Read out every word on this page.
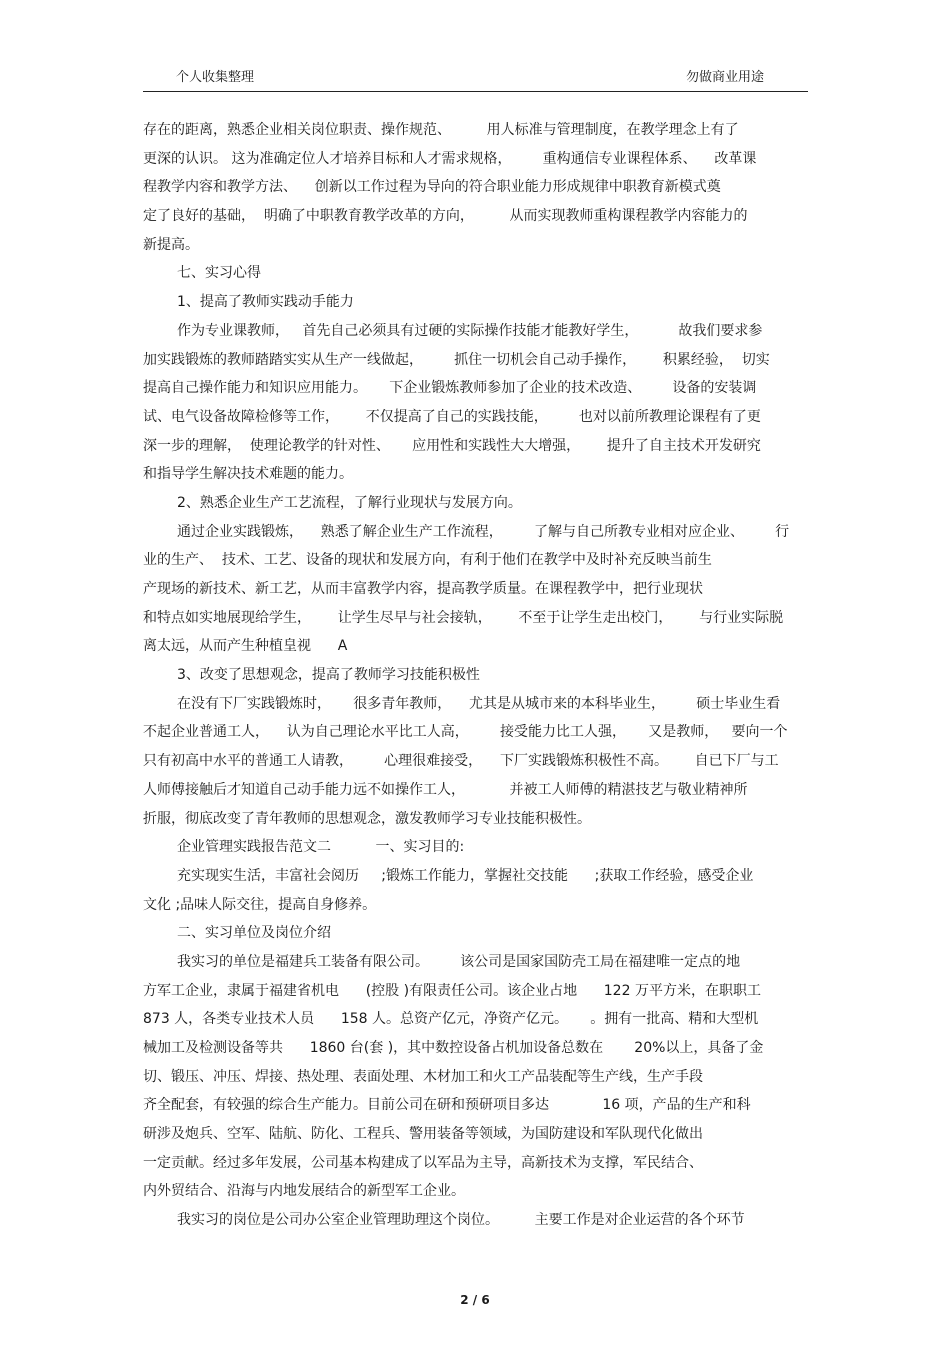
个人收集整理	勿做商业用途
存在的距离，熟悉企业相关岗位职责、操作规范、        用人标准与管理制度，在教学理念上有了
更深的认识。 这为准确定位人才培养目标和人才需求规格，       重构通信专业课程体系、    改革课
程教学内容和教学方法、    创新以工作过程为导向的符合职业能力形成规律中职教育新模式奠
定了良好的基础，  明确了中职教育教学改革的方向，        从而实现教师重构课程教学内容能力的
新提高。
七、实习心得
1、提高了教师实践动手能力
作为专业课教师，   首先自己必须具有过硬的实际操作技能才能教好学生，         故我们要求参
加实践锻炼的教师踏踏实实从生产一线做起，       抓住一切机会自己动手操作，      积累经验，  切实
提高自己操作能力和知识应用能力。     下企业锻炼教师参加了企业的技术改造、       设备的安装调
试、电气设备故障检修等工作，      不仅提高了自己的实践技能，       也对以前所教理论课程有了更
深一步的理解，  使理论教学的针对性、     应用性和实践性大大增强，      提升了自主技术开发研究
和指导学生解决技术难题的能力。
2、熟悉企业生产工艺流程，了解行业现状与发展方向。
通过企业实践锻炼，    熟悉了解企业生产工作流程，       了解与自己所教专业相对应企业、       行
业的生产、  技术、工艺、设备的现状和发展方向，有利于他们在教学中及时补充反映当前生
产现场的新技术、新工艺，从而丰富教学内容，提高教学质量。在课程教学中，把行业现状
和特点如实地展现给学生，      让学生尽早与社会接轨，      不至于让学生走出校门，      与行业实际脱
离太远，从而产生种植皇视      A
3、改变了思想观念，提高了教师学习技能积极性
在没有下厂实践锻炼时，     很多青年教师，    尤其是从城市来的本科毕业生，       硕士毕业生看
不起企业普通工人，    认为自己理论水平比工人高，       接受能力比工人强，     又是教师，   要向一个
只有初高中水平的普通工人请教，       心理很难接受，    下厂实践锻炼积极性不高。      自已下厂与工
人师傅接触后才知道自己动手能力远不如操作工人，          并被工人师傅的精湛技艺与敬业精神所
折服，彻底改变了青年教师的思想观念，激发教师学习专业技能积极性。
企业管理实践报告范文二          一、实习目的:
充实现实生活，丰富社会阅历     ;锻炼工作能力，掌握社交技能      ;获取工作经验，感受企业
文化 ;品味人际交往，提高自身修养。
二、实习单位及岗位介绍
我实习的单位是福建兵工装备有限公司。       该公司是国家国防壳工局在福建唯一定点的地
方军工企业，隶属于福建省机电      (控股 )有限责任公司。该企业占地      122 万平方米，在职职工
873 人，各类专业技术人员      158 人。总资产亿元，净资产亿元。     。拥有一批高、精和大型机
械加工及检测设备等共      1860 台(套 )，其中数控设备占机加设备总数在       20%以上，具备了金
切、锻压、冲压、焊接、热处理、表面处理、木材加工和火工产品装配等生产线，生产手段
齐全配套，有较强的综合生产能力。目前公司在研和预研项目多达            16 项，产品的生产和科
研涉及炮兵、空军、陆航、防化、工程兵、警用装备等领域，为国防建设和军队现代化做出
一定贡献。经过多年发展，公司基本构建成了以军品为主导，高新技术为支撑，军民结合、
内外贸结合、沿海与内地发展结合的新型军工企业。
我实习的岗位是公司办公室企业管理助理这个岗位。        主要工作是对企业运营的各个环节
2 / 6
